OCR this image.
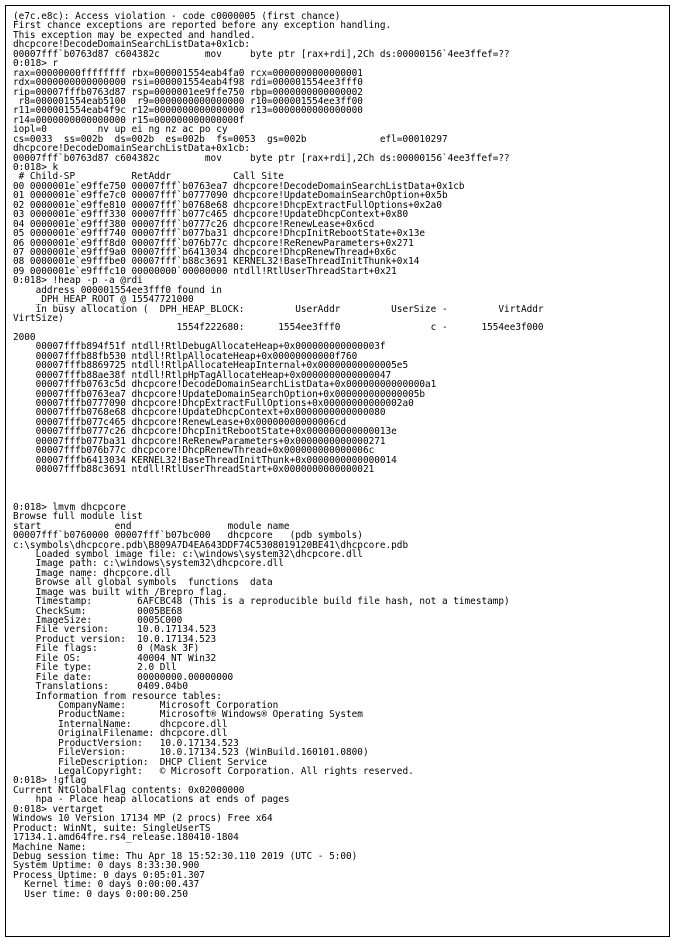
(e7c.e8c): Access violation - code c0000005 (first chance)
First chance exceptions are reported before any exception handling.
This exception may be expected and handled.
dhcpcore!DecodeDomainSearchListData+0x1cb:
00007fff`b0763d87 c604382c        mov     byte ptr [rax+rdi],2Ch ds:00000156`4ee3ffef=??
0:018> r
rax=00000000ffffffff rbx=000001554eab4fa0 rcx=0000000000000001
rdx=0000000000000000 rsi=000001554eab4f98 rdi=000001554ee3fff0
rip=00007fffb0763d87 rsp=0000001ee9ffe750 rbp=0000000000000002
r8=000001554eab5100  r9=0000000000000000 r10=000001554ee3ff00
r11=000001554eab4f9c r12=0000000000000000 r13=0000000000000000
r14=0000000000000000 r15=000000000000000f
iopl=0         nv up ei ng nz ac po cy
cs=0033  ss=002b  ds=002b  es=002b  fs=0053  gs=002b             efl=00010297
dhcpcore!DecodeDomainSearchListData+0x1cb:
00007fff`b0763d87 c604382c        mov     byte ptr [rax+rdi],2Ch ds:00000156`4ee3ffef=??
0:018> k
# Child-SP          RetAddr           Call Site
00 0000001e`e9ffe750 00007fff`b0763ea7 dhcpcore!DecodeDomainSearchListData+0x1cb
01 0000001e`e9ffe7c0 00007fff`b0777090 dhcpcore!UpdateDomainSearchOption+0x5b
02 0000001e`e9ffe810 00007fff`b0768e68 dhcpcore!DhcpExtractFullOptions+0x2a0
03 0000001e`e9fff330 00007fff`b077c465 dhcpcore!UpdateDhcpContext+0x80
04 0000001e`e9fff380 00007fff`b0777c26 dhcpcore!RenewLease+0x6cd
05 0000001e`e9fff740 00007fff`b077ba31 dhcpcore!DhcpInitRebootState+0x13e
06 0000001e`e9fff8d0 00007fff`b076b77c dhcpcore!ReRenewParameters+0x271
07 0000001e`e9fff9a0 00007fff`b6413034 dhcpcore!DhcpRenewThread+0x6c
08 0000001e`e9fffbe0 00007fff`b88c3691 KERNEL32!BaseThreadInitThunk+0x14
09 0000001e`e9fffc10 00000000`00000000 ntdll!RtlUserThreadStart+0x21
0:018> !heap -p -a @rdi
address 000001554ee3fff0 found in
_DPH_HEAP_ROOT @ 15547721000
in busy allocation (  DPH_HEAP_BLOCK:         UserAddr         UserSize -         VirtAddr
VirtSize)
1554f222680:      1554ee3fff0                c -      1554ee3f000
2000
00007fffb894f51f ntdll!RtlDebugAllocateHeap+0x000000000000003f
00007fffb88fb530 ntdll!RtlpAllocateHeap+0x00000000000f760
00007fffb8869725 ntdll!RtlpAllocateHeapInternal+0x00000000000005e5
00007fffb88ae38f ntdll!RtlpHpTagAllocateHeap+0x0000000000000047
00007fffb0763c5d dhcpcore!DecodeDomainSearchListData+0x00000000000000a1
00007fffb0763ea7 dhcpcore!UpdateDomainSearchOption+0x000000000000005b
00007fffb0777090 dhcpcore!DhcpExtractFullOptions+0x00000000000002a0
00007fffb0768e68 dhcpcore!UpdateDhcpContext+0x0000000000000080
00007fffb077c465 dhcpcore!RenewLease+0x00000000000006cd
00007fffb0777c26 dhcpcore!DhcpInitRebootState+0x000000000000013e
00007fffb077ba31 dhcpcore!ReRenewParameters+0x0000000000000271
00007fffb076b77c dhcpcore!DhcpRenewThread+0x000000000000006c
00007fffb6413034 KERNEL32!BaseThreadInitThunk+0x0000000000000014
00007fffb88c3691 ntdll!RtlUserThreadStart+0x0000000000000021
0:018> lmvm dhcpcore
Browse full module list
start             end                 module name
00007fff`b0760000 00007fff`b07bc000   dhcpcore   (pdb symbols)
c:\symbols\dhcpcore.pdb\B809A7D4EA643DDF74C5308019120BE41\dhcpcore.pdb
Loaded symbol image file: c:\windows\system32\dhcpcore.dll
Image path: c:\windows\system32\dhcpcore.dll
Image name: dhcpcore.dll
Browse all global symbols  functions  data
Image was built with /Brepro flag.
Timestamp:        6AFCBC48 (This is a reproducible build file hash, not a timestamp)
CheckSum:         0005BE68
ImageSize:        0005C000
File version:     10.0.17134.523
Product version:  10.0.17134.523
File flags:       0 (Mask 3F)
File OS:          40004 NT Win32
File type:        2.0 Dll
File date:        00000000.00000000
Translations:     0409.04b0
Information from resource tables:
CompanyName:      Microsoft Corporation
ProductName:      Microsoft® Windows® Operating System
InternalName:     dhcpcore.dll
OriginalFilename: dhcpcore.dll
ProductVersion:   10.0.17134.523
FileVersion:      10.0.17134.523 (WinBuild.160101.0800)
FileDescription:  DHCP Client Service
LegalCopyright:   © Microsoft Corporation. All rights reserved.
0:018> !gflag
Current NtGlobalFlag contents: 0x02000000
hpa - Place heap allocations at ends of pages
0:018> vertarget
Windows 10 Version 17134 MP (2 procs) Free x64
Product: WinNt, suite: SingleUserTS
17134.1.amd64fre.rs4_release.180410-1804
Machine Name:
Debug session time: Thu Apr 18 15:52:30.110 2019 (UTC - 5:00)
System Uptime: 0 days 8:33:30.900
Process Uptime: 0 days 0:05:01.307
Kernel time: 0 days 0:00:00.437
User time: 0 days 0:00:00.250
